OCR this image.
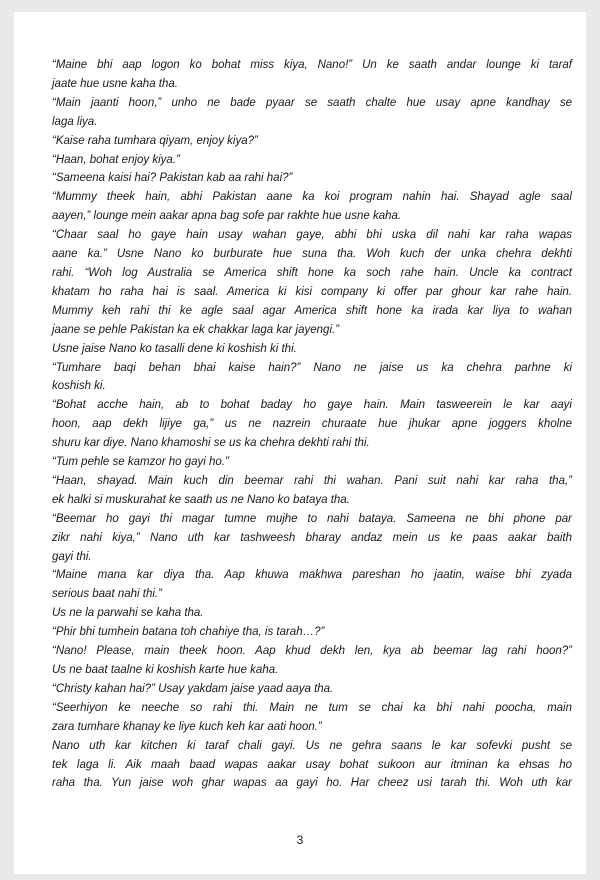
“Maine bhi aap logon ko bohat miss kiya, Nano!” Un ke saath andar lounge ki taraf
jaate hue usne kaha tha.
“Main jaanti hoon,” unho ne bade pyaar se saath chalte hue usay apne kandhay se
laga liya.
“Kaise raha tumhara qiyam, enjoy kiya?”
“Haan, bohat enjoy kiya.”
“Sameena kaisi hai? Pakistan kab aa rahi hai?”
“Mummy theek hain, abhi Pakistan aane ka koi program nahin hai. Shayad agle saal
aayen,” lounge mein aakar apna bag sofe par rakhte hue usne kaha.
“Chaar saal ho gaye hain usay wahan gaye, abhi bhi uska dil nahi kar raha wapas
aane ka.” Usne Nano ko burburate hue suna tha. Woh kuch der unka chehra dekhti
rahi. “Woh log Australia se America shift hone ka soch rahe hain. Uncle ka contract
khatam ho raha hai is saal. America ki kisi company ki offer par ghour kar rahe hain.
Mummy keh rahi thi ke agle saal agar America shift hone ka irada kar liya to wahan
jaane se pehle Pakistan ka ek chakkar laga kar jayengi.”
Usne jaise Nano ko tasalli dene ki koshish ki thi.
“Tumhare baqi behan bhai kaise hain?” Nano ne jaise us ka chehra parhne ki
koshish ki.
“Bohat acche hain, ab to bohat baday ho gaye hain. Main tasweerein le kar aayi
hoon, aap dekh lijiye ga,” us ne nazrein churaate hue jhukar apne joggers kholne
shuru kar diye. Nano khamoshi se us ka chehra dekhti rahi thi.
“Tum pehle se kamzor ho gayi ho.”
“Haan, shayad. Main kuch din beemar rahi thi wahan. Pani suit nahi kar raha tha,”
ek halki si muskurahat ke saath us ne Nano ko bataya tha.
“Beemar ho gayi thi magar tumne mujhe to nahi bataya. Sameena ne bhi phone par
zikr nahi kiya,” Nano uth kar tashweesh bharay andaz mein us ke paas aakar baith
gayi thi.
“Maine mana kar diya tha. Aap khuwa makhwa pareshan ho jaatin, waise bhi zyada
serious baat nahi thi.”
Us ne la parwahi se kaha tha.
“Phir bhi tumhein batana toh chahiye tha, is tarah…?”
“Nano! Please, main theek hoon. Aap khud dekh len, kya ab beemar lag rahi hoon?”
Us ne baat taalne ki koshish karte hue kaha.
“Christy kahan hai?” Usay yakdam jaise yaad aaya tha.
“Seerhiyon ke neeche so rahi thi. Main ne tum se chai ka bhi nahi poocha, main
zara tumhare khanay ke liye kuch keh kar aati hoon.”
Nano uth kar kitchen ki taraf chali gayi. Us ne gehra saans le kar sofevki pusht se
tek laga li. Aik maah baad wapas aakar usay bohat sukoon aur itminan ka ehsas ho
raha tha. Yun jaise woh ghar wapas aa gayi ho. Har cheez usi tarah thi. Woh uth kar
3
